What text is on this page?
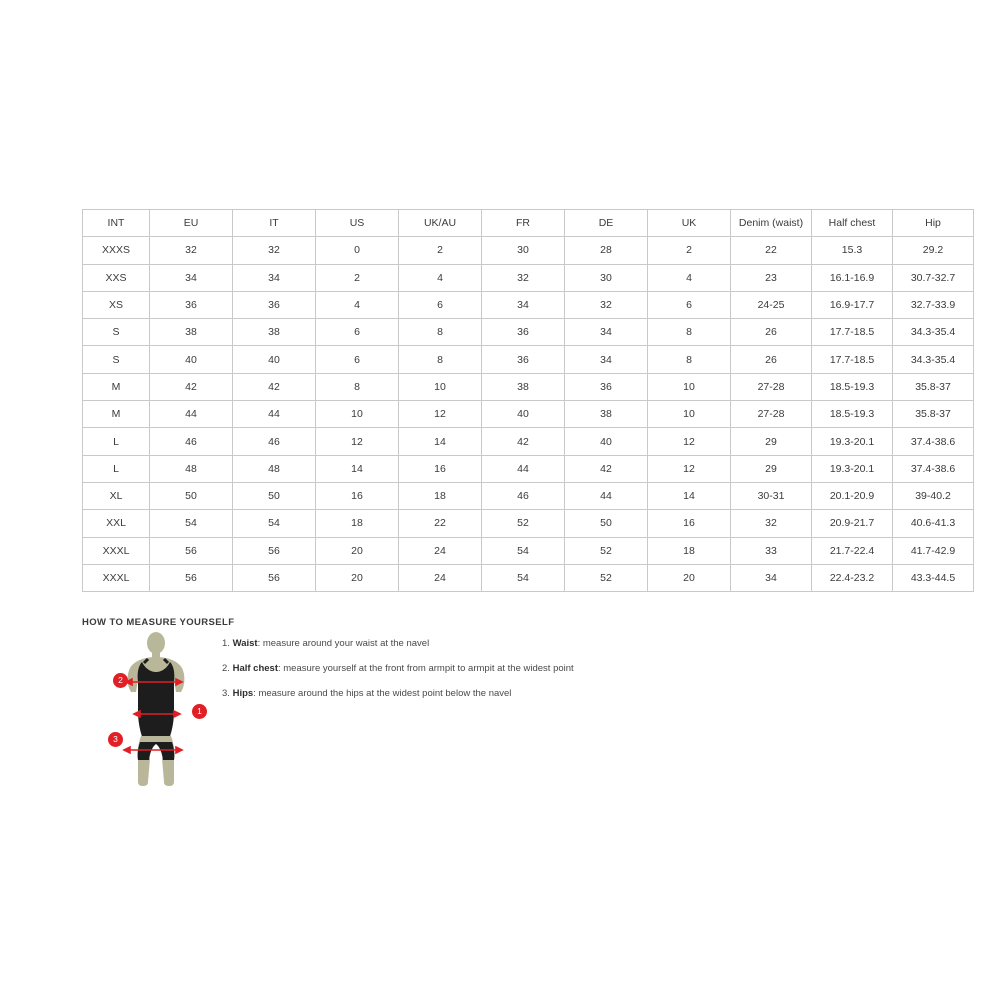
INT	EU	IT	US	UK/AU	FR	DE	UK	Denim (waist)	Half chest	Hip
XXXS	32	32	0	2	30	28	2	22	15.3	29.2
XXS	34	34	2	4	32	30	4	23	16.1-16.9	30.7-32.7
XS	36	36	4	6	34	32	6	24-25	16.9-17.7	32.7-33.9
S	38	38	6	8	36	34	8	26	17.7-18.5	34.3-35.4
S	40	40	6	8	36	34	8	26	17.7-18.5	34.3-35.4
M	42	42	8	10	38	36	10	27-28	18.5-19.3	35.8-37
M	44	44	10	12	40	38	10	27-28	18.5-19.3	35.8-37
L	46	46	12	14	42	40	12	29	19.3-20.1	37.4-38.6
L	48	48	14	16	44	42	12	29	19.3-20.1	37.4-38.6
XL	50	50	16	18	46	44	14	30-31	20.1-20.9	39-40.2
XXL	54	54	18	22	52	50	16	32	20.9-21.7	40.6-41.3
XXXL	56	56	20	24	54	52	18	33	21.7-22.4	41.7-42.9
XXXL	56	56	20	24	54	52	20	34	22.4-23.2	43.3-44.5
HOW TO MEASURE YOURSELF
1. Waist: measure around your waist at the navel
2. Half chest: measure yourself at the front from armpit to armpit at the widest point
3. Hips: measure around the hips at the widest point below the navel
1
2
3
